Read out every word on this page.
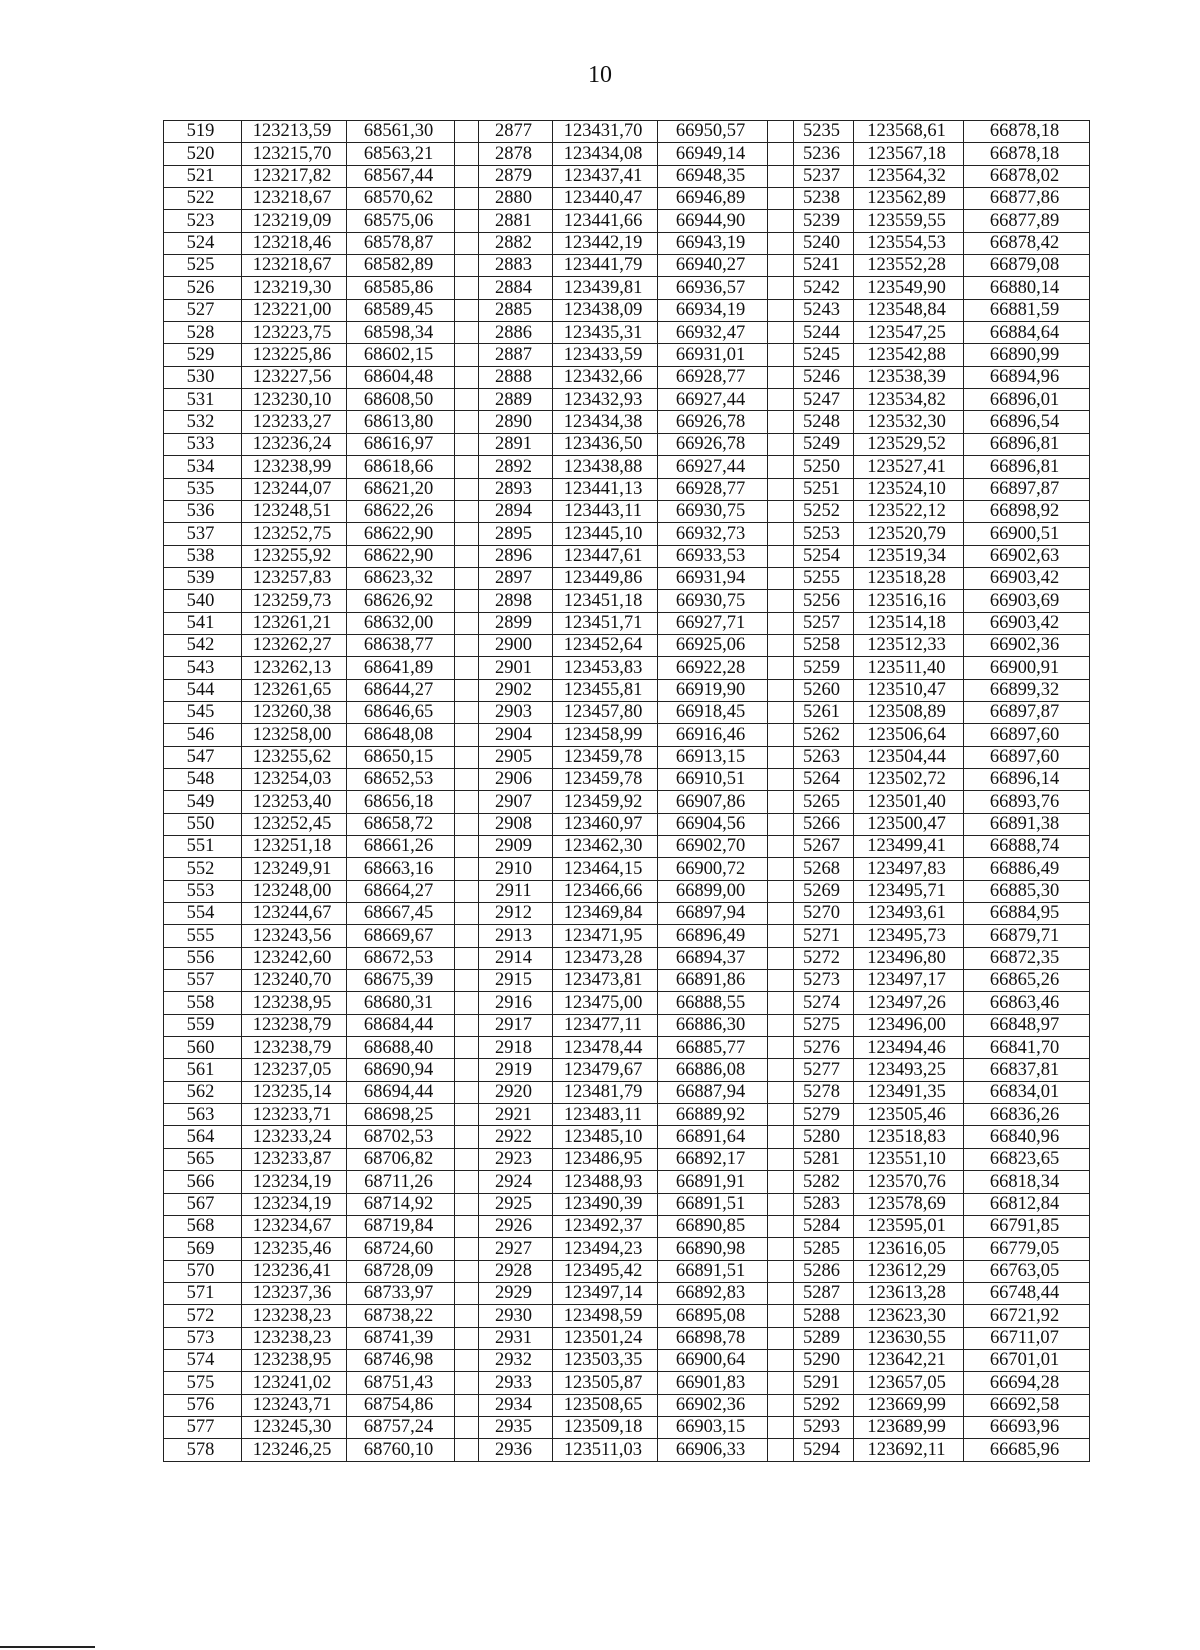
10
519	123213,59	68561,30		2877	123431,70	66950,57		5235	123568,61	66878,18
520	123215,70	68563,21		2878	123434,08	66949,14		5236	123567,18	66878,18
521	123217,82	68567,44		2879	123437,41	66948,35		5237	123564,32	66878,02
522	123218,67	68570,62		2880	123440,47	66946,89		5238	123562,89	66877,86
523	123219,09	68575,06		2881	123441,66	66944,90		5239	123559,55	66877,89
524	123218,46	68578,87		2882	123442,19	66943,19		5240	123554,53	66878,42
525	123218,67	68582,89		2883	123441,79	66940,27		5241	123552,28	66879,08
526	123219,30	68585,86		2884	123439,81	66936,57		5242	123549,90	66880,14
527	123221,00	68589,45		2885	123438,09	66934,19		5243	123548,84	66881,59
528	123223,75	68598,34		2886	123435,31	66932,47		5244	123547,25	66884,64
529	123225,86	68602,15		2887	123433,59	66931,01		5245	123542,88	66890,99
530	123227,56	68604,48		2888	123432,66	66928,77		5246	123538,39	66894,96
531	123230,10	68608,50		2889	123432,93	66927,44		5247	123534,82	66896,01
532	123233,27	68613,80		2890	123434,38	66926,78		5248	123532,30	66896,54
533	123236,24	68616,97		2891	123436,50	66926,78		5249	123529,52	66896,81
534	123238,99	68618,66		2892	123438,88	66927,44		5250	123527,41	66896,81
535	123244,07	68621,20		2893	123441,13	66928,77		5251	123524,10	66897,87
536	123248,51	68622,26		2894	123443,11	66930,75		5252	123522,12	66898,92
537	123252,75	68622,90		2895	123445,10	66932,73		5253	123520,79	66900,51
538	123255,92	68622,90		2896	123447,61	66933,53		5254	123519,34	66902,63
539	123257,83	68623,32		2897	123449,86	66931,94		5255	123518,28	66903,42
540	123259,73	68626,92		2898	123451,18	66930,75		5256	123516,16	66903,69
541	123261,21	68632,00		2899	123451,71	66927,71		5257	123514,18	66903,42
542	123262,27	68638,77		2900	123452,64	66925,06		5258	123512,33	66902,36
543	123262,13	68641,89		2901	123453,83	66922,28		5259	123511,40	66900,91
544	123261,65	68644,27		2902	123455,81	66919,90		5260	123510,47	66899,32
545	123260,38	68646,65		2903	123457,80	66918,45		5261	123508,89	66897,87
546	123258,00	68648,08		2904	123458,99	66916,46		5262	123506,64	66897,60
547	123255,62	68650,15		2905	123459,78	66913,15		5263	123504,44	66897,60
548	123254,03	68652,53		2906	123459,78	66910,51		5264	123502,72	66896,14
549	123253,40	68656,18		2907	123459,92	66907,86		5265	123501,40	66893,76
550	123252,45	68658,72		2908	123460,97	66904,56		5266	123500,47	66891,38
551	123251,18	68661,26		2909	123462,30	66902,70		5267	123499,41	66888,74
552	123249,91	68663,16		2910	123464,15	66900,72		5268	123497,83	66886,49
553	123248,00	68664,27		2911	123466,66	66899,00		5269	123495,71	66885,30
554	123244,67	68667,45		2912	123469,84	66897,94		5270	123493,61	66884,95
555	123243,56	68669,67		2913	123471,95	66896,49		5271	123495,73	66879,71
556	123242,60	68672,53		2914	123473,28	66894,37		5272	123496,80	66872,35
557	123240,70	68675,39		2915	123473,81	66891,86		5273	123497,17	66865,26
558	123238,95	68680,31		2916	123475,00	66888,55		5274	123497,26	66863,46
559	123238,79	68684,44		2917	123477,11	66886,30		5275	123496,00	66848,97
560	123238,79	68688,40		2918	123478,44	66885,77		5276	123494,46	66841,70
561	123237,05	68690,94		2919	123479,67	66886,08		5277	123493,25	66837,81
562	123235,14	68694,44		2920	123481,79	66887,94		5278	123491,35	66834,01
563	123233,71	68698,25		2921	123483,11	66889,92		5279	123505,46	66836,26
564	123233,24	68702,53		2922	123485,10	66891,64		5280	123518,83	66840,96
565	123233,87	68706,82		2923	123486,95	66892,17		5281	123551,10	66823,65
566	123234,19	68711,26		2924	123488,93	66891,91		5282	123570,76	66818,34
567	123234,19	68714,92		2925	123490,39	66891,51		5283	123578,69	66812,84
568	123234,67	68719,84		2926	123492,37	66890,85		5284	123595,01	66791,85
569	123235,46	68724,60		2927	123494,23	66890,98		5285	123616,05	66779,05
570	123236,41	68728,09		2928	123495,42	66891,51		5286	123612,29	66763,05
571	123237,36	68733,97		2929	123497,14	66892,83		5287	123613,28	66748,44
572	123238,23	68738,22		2930	123498,59	66895,08		5288	123623,30	66721,92
573	123238,23	68741,39		2931	123501,24	66898,78		5289	123630,55	66711,07
574	123238,95	68746,98		2932	123503,35	66900,64		5290	123642,21	66701,01
575	123241,02	68751,43		2933	123505,87	66901,83		5291	123657,05	66694,28
576	123243,71	68754,86		2934	123508,65	66902,36		5292	123669,99	66692,58
577	123245,30	68757,24		2935	123509,18	66903,15		5293	123689,99	66693,96
578	123246,25	68760,10		2936	123511,03	66906,33		5294	123692,11	66685,96
